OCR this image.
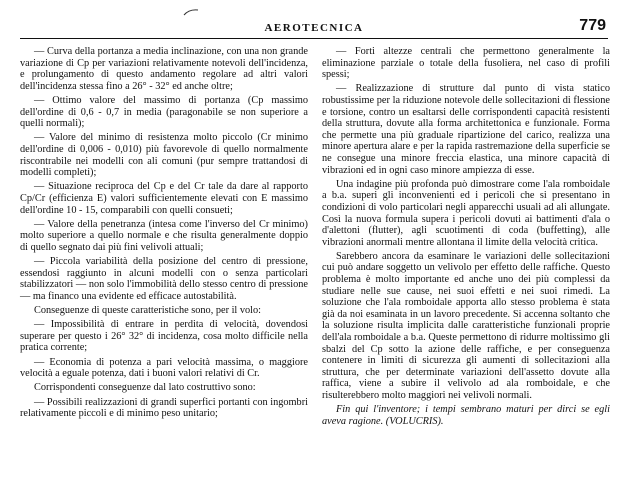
AEROTECNICA	779

— Curva della portanza a media inclinazione, con una non grande variazione di Cp per variazioni relativamente notevoli dell'incidenza, e prolungamento di questo andamento regolare ad altri valori dell'incidenza stessa fino a 26° - 32° ed anche oltre;

— Ottimo valore del massimo di portanza (Cp massimo dell'ordine di 0,6 - 0,7 in media (paragonabile se non superiore a quelli normali);

— Valore del minimo di resistenza molto piccolo (Cr minimo dell'ordine di 0,006 - 0,010) più favorevole di quello normalmente riscontrabile nei modelli con ali comuni (pur sempre trattandosi di modelli completi);

— Situazione reciproca del Cp e del Cr tale da dare al rapporto Cp/Cr (efficienza E) valori sufficientemente elevati con E massimo dell'ordine 10 - 15, comparabili con quelli consueti;

— Valore della penetranza (intesa come l'inverso del Cr minimo) molto superiore a quello normale e che risulta generalmente doppio di quello segnato dai più fini velivoli attuali;

— Piccola variabilità della posizione del centro di pressione, essendosi raggiunto in alcuni modelli con o senza particolari stabilizzatori — non solo l'immobilità dello stesso centro di pressione — ma financo una evidente ed efficace autostabilità.

Conseguenze di queste caratteristiche sono, per il volo:

— Impossibilità di entrare in perdita di velocità, dovendosi superare per questo i 26° 32° di incidenza, cosa molto difficile nella pratica corrente;

— Economia di potenza a pari velocità massima, o maggiore velocità a eguale potenza, dati i buoni valori relativi di Cr.

Corrispondenti conseguenze dal lato costruttivo sono:

— Possibili realizzazioni di grandi superfici portanti con ingombri relativamente piccoli e di minimo peso unitario;

— Forti altezze centrali che permettono generalmente la eliminazione parziale o totale della fusoliera, nel caso di profili spessi;

— Realizzazione di strutture dal punto di vista statico robustissime per la riduzione notevole delle sollecitazioni di flessione e torsione, contro un esaltarsi delle corrispondenti capacità resistenti della struttura, dovute alla forma architettonica e funzionale. Forma che permette una più graduale ripartizione del carico, realizza una minore apertura alare e per la rapida rastremazione della superficie se ne consegue una minore freccia elastica, una minore capacità di vibrazioni ed in ogni caso minore ampiezza di esse.

Una indagine più profonda può dimostrare come l'ala romboidale a b.a. superi gli inconvenienti ed i pericoli che si presentano in condizioni di volo particolari negli apparecchi usuali ad ali allungate. Così la nuova formula supera i pericoli dovuti ai battimenti d'ala o d'alettoni (flutter), agli scuotimenti di coda (buffetting), alle vibrazioni anormali mentre allontana il limite della velocità critica.

Sarebbero ancora da esaminare le variazioni delle sollecitazioni cui può andare soggetto un velivolo per effetto delle raffiche. Questo problema è molto importante ed anche uno dei più complessi da studiare nelle sue cause, nei suoi effetti e nei suoi rimedi. La soluzione che l'ala romboidale apporta allo stesso problema è stata già da noi esaminata in un lavoro precedente. Si accenna soltanto che la soluzione risulta implicita dalle caratteristiche funzionali proprie dell'ala romboidale a b.a. Queste permettono di ridurre moltissimo gli sbalzi del Cp sotto la azione delle raffiche, e per conseguenza contenere in limiti di sicurezza gli aumenti di sollecitazioni alla struttura, che per determinate variazioni dell'assetto dovute alla raffica, viene a subire il velivolo ad ala romboidale, e che risulterebbero molto maggiori nei velivoli normali.

Fin qui l'inventore; i tempi sembrano maturi per dirci se egli aveva ragione. (VOLUCRIS).
